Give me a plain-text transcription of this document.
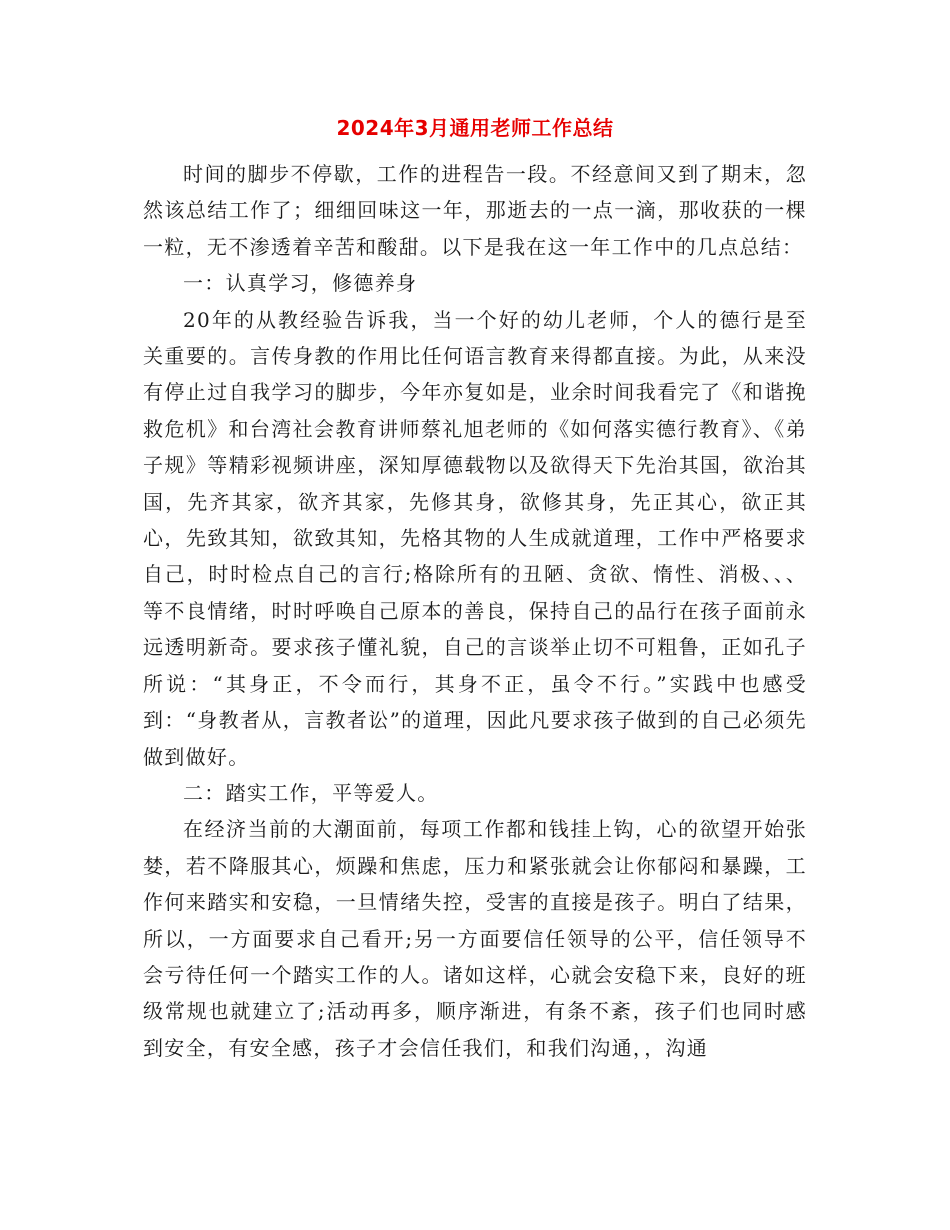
2024年3月通用老师工作总结

时间的脚步不停歇，工作的进程告一段。不经意间又到了期末，忽然该总结工作了；细细回味这一年，那逝去的一点一滴，那收获的一棵一粒，无不渗透着辛苦和酸甜。以下是我在这一年工作中的几点总结：

一：认真学习，修德养身

20年的从教经验告诉我，当一个好的幼儿老师，个人的德行是至关重要的。言传身教的作用比任何语言教育来得都直接。为此，从来没有停止过自我学习的脚步，今年亦复如是，业余时间我看完了《和谐挽救危机》和台湾社会教育讲师蔡礼旭老师的《如何落实德行教育》、《弟子规》等精彩视频讲座，深知厚德载物以及欲得天下先治其国，欲治其国，先齐其家，欲齐其家，先修其身，欲修其身，先正其心，欲正其心，先致其知，欲致其知，先格其物的人生成就道理，工作中严格要求自己，时时检点自己的言行;格除所有的丑陋、贪欲、惰性、消极、、、等不良情绪，时时呼唤自己原本的善良，保持自己的品行在孩子面前永远透明新奇。要求孩子懂礼貌，自己的言谈举止切不可粗鲁，正如孔子所说：“其身正，不令而行，其身不正，虽令不行。”实践中也感受到：“身教者从，言教者讼”的道理，因此凡要求孩子做到的自己必须先做到做好。

二：踏实工作，平等爱人。

在经济当前的大潮面前，每项工作都和钱挂上钩，心的欲望开始张婪，若不降服其心，烦躁和焦虑，压力和紧张就会让你郁闷和暴躁，工作何来踏实和安稳，一旦情绪失控，受害的直接是孩子。明白了结果，所以，一方面要求自己看开;另一方面要信任领导的公平，信任领导不会亏待任何一个踏实工作的人。诸如这样，心就会安稳下来，良好的班级常规也就建立了;活动再多，顺序渐进，有条不紊，孩子们也同时感到安全，有安全感，孩子才会信任我们，和我们沟通，，沟通
